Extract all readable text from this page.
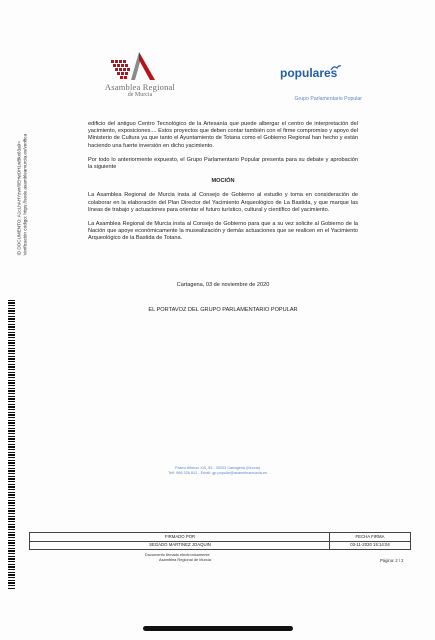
ID DOCUMENTO: A1cLhAHYzwr/0EHwDH1wBkx83a9= Verificación código: https://sede.asambleamurcia.es/verifica
Asamblea Regional
de Murcia
populares
Grupo Parlamentario Popular

edificio del antiguo Centro Tecnológico de la Artesanía que puede albergar el centro de interpretación del yacimiento, exposiciones.... Estos proyectos que deben contar también con el firme compromiso y apoyo del Ministerio de Cultura ya que tanto el Ayuntamiento de Totana como el Gobierno Regional han hecho y están haciendo una fuerte inversión en dicho yacimiento.

Por todo lo anteriormente expuesto, el Grupo Parlamentario Popular presenta para su debate y aprobación la siguiente

MOCIÓN

La Asamblea Regional de Murcia insta al Consejo de Gobierno al estudio y toma en consideración de colaborar en la elaboración del Plan Director del Yacimiento Arqueológico de La Bastida, y que marque las líneas de trabajo y actuaciones para orientar el futuro turístico, cultural y científico del yacimiento.

La Asamblea Regional de Murcia insta al Consejo de Gobierno para que a su vez solicite al Gobierno de la Nación que apoye económicamente la musealización y demás actuaciones que se realicen en el Yacimiento Arqueológico de la Bastida de Totana.

Cartagena, 03 de noviembre de 2020
EL PORTAVOZ DEL GRUPO PARLAMENTARIO POPULAR
Paseo Alfonso XIII, 53 - 30203 Cartagena (Murcia)
Telf. 968 326 812 - Email: gp.popular@asambleamurcia.es
FIRMADO POR
SEGADO MARTINEZ JOAQUIN
FECHA FIRMA
03-11-2020 15:14:04
Documento firmado electrónicamente
Asamblea Regional de Murcia	Página: 2 / 2
